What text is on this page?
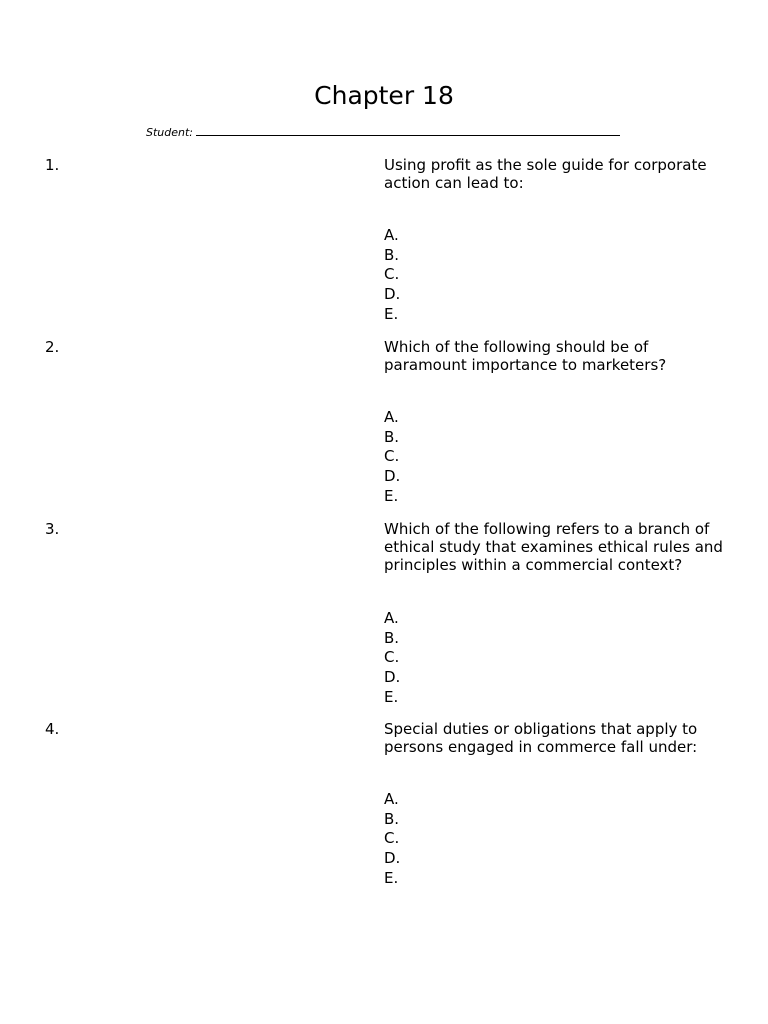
Chapter 18
Student:
1.	Using profit as the sole guide for corporate action can lead to:
A.
B.
C.
D.
E.
2.	Which of the following should be of paramount importance to marketers?
A.
B.
C.
D.
E.
3.	Which of the following refers to a branch of ethical study that examines ethical rules and principles within a commercial context?
A.
B.
C.
D.
E.
4.	Special duties or obligations that apply to persons engaged in commerce fall under:
A.
B.
C.
D.
E.
